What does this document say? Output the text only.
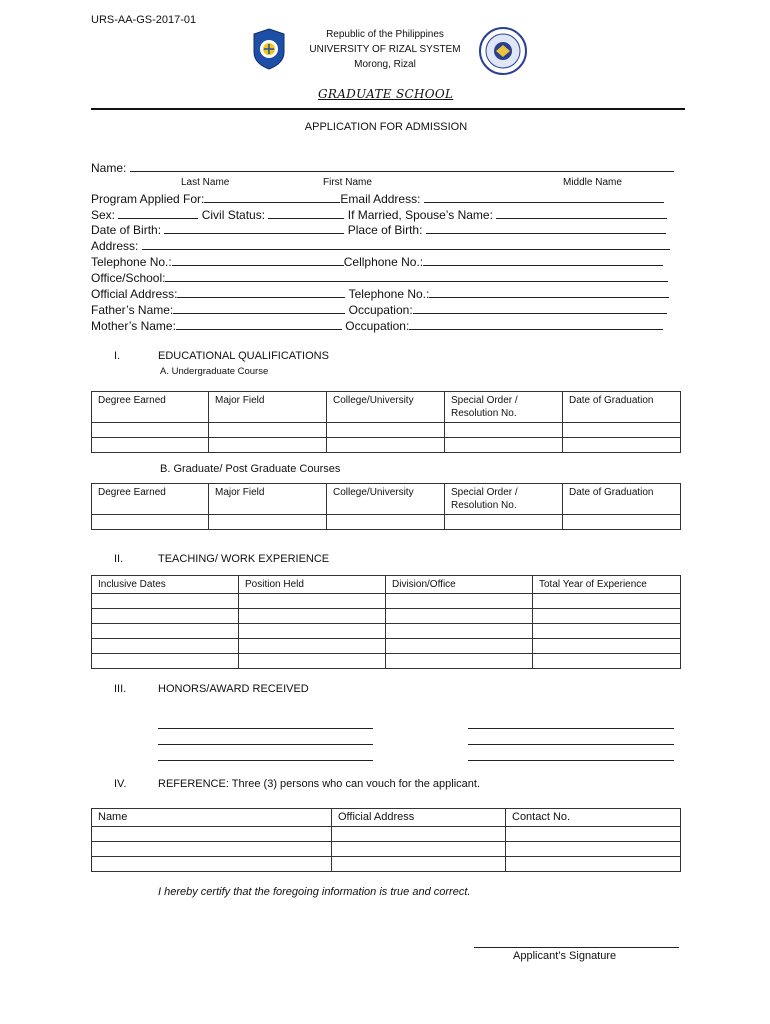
URS-AA-GS-2017-01
Republic of the Philippines
UNIVERSITY OF RIZAL SYSTEM
Morong, Rizal
GRADUATE SCHOOL
APPLICATION FOR ADMISSION
Name:
Last Name	First Name	Middle Name
Program Applied For:	Email Address:
Sex:	Civil Status:	If Married, Spouse’s Name:
Date of Birth:	Place of Birth:
Address:
Telephone No.:	Cellphone No.:
Office/School:
Official Address:	Telephone No.:
Father’s Name:	Occupation:
Mother’s Name:	Occupation:
I.	EDUCATIONAL QUALIFICATIONS
A. Undergraduate Course
Degree Earned	Major Field	College/University	Special Order / Resolution No.	Date of Graduation

B. Graduate/ Post Graduate Courses
Degree Earned	Major Field	College/University	Special Order / Resolution No.	Date of Graduation

II.	TEACHING/ WORK EXPERIENCE
Inclusive Dates	Position Held	Division/Office	Total Year of Experience

III.	HONORS/AWARD RECEIVED
IV.	REFERENCE: Three (3) persons who can vouch for the applicant.
Name	Official Address	Contact No.

I hereby certify that the foregoing information is true and correct.
Applicant’s Signature
